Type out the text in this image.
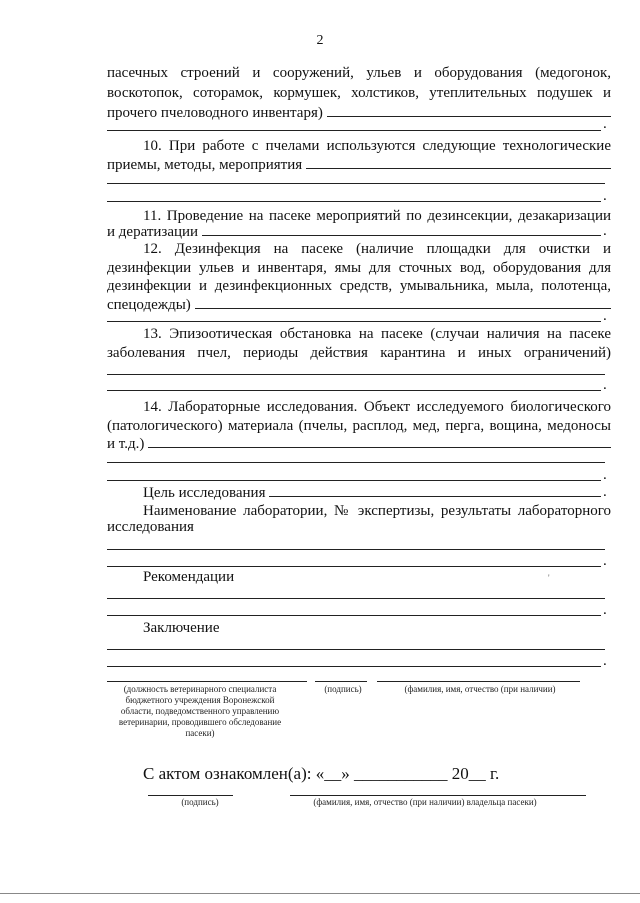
2
пасечных строений и сооружений, ульев и оборудования (медогонок,
воскотопок, соторамок, кормушек, холстиков, утеплительных подушек и
прочего пчеловодного инвентаря)
.
10. При работе с пчелами используются следующие технологические
приемы, методы, мероприятия
.
11. Проведение на пасеке мероприятий по дезинсекции, дезакаризации
и дератизации	.
12. Дезинфекция на пасеке (наличие площадки для очистки и
дезинфекции ульев и инвентаря, ямы для сточных вод, оборудования для
дезинфекции и дезинфекционных средств, умывальника, мыла, полотенца,
спецодежды)
.
13. Эпизоотическая обстановка на пасеке (случаи наличия на пасеке
заболевания пчел, периоды действия карантина и иных ограничений)
.
14. Лабораторные исследования. Объект исследуемого биологического
(патологического) материала (пчелы, расплод, мед, перга, вощина, медоносы
и т.д.)
.
Цель исследования	.
Наименование лаборатории, № экспертизы, результаты лабораторного
исследования
.
Рекомендации	'
.
Заключение
.
(должность ветеринарного специалиста бюджетного учреждения Воронежской области, подведомственного управлению ветеринарии, проводившего обследование пасеки)
(подпись)	(фамилия, имя, отчество (при наличии)
С актом ознакомлен(а): «__» ___________ 20__ г.
(подпись)	(фамилия, имя, отчество (при наличии) владельца пасеки)
